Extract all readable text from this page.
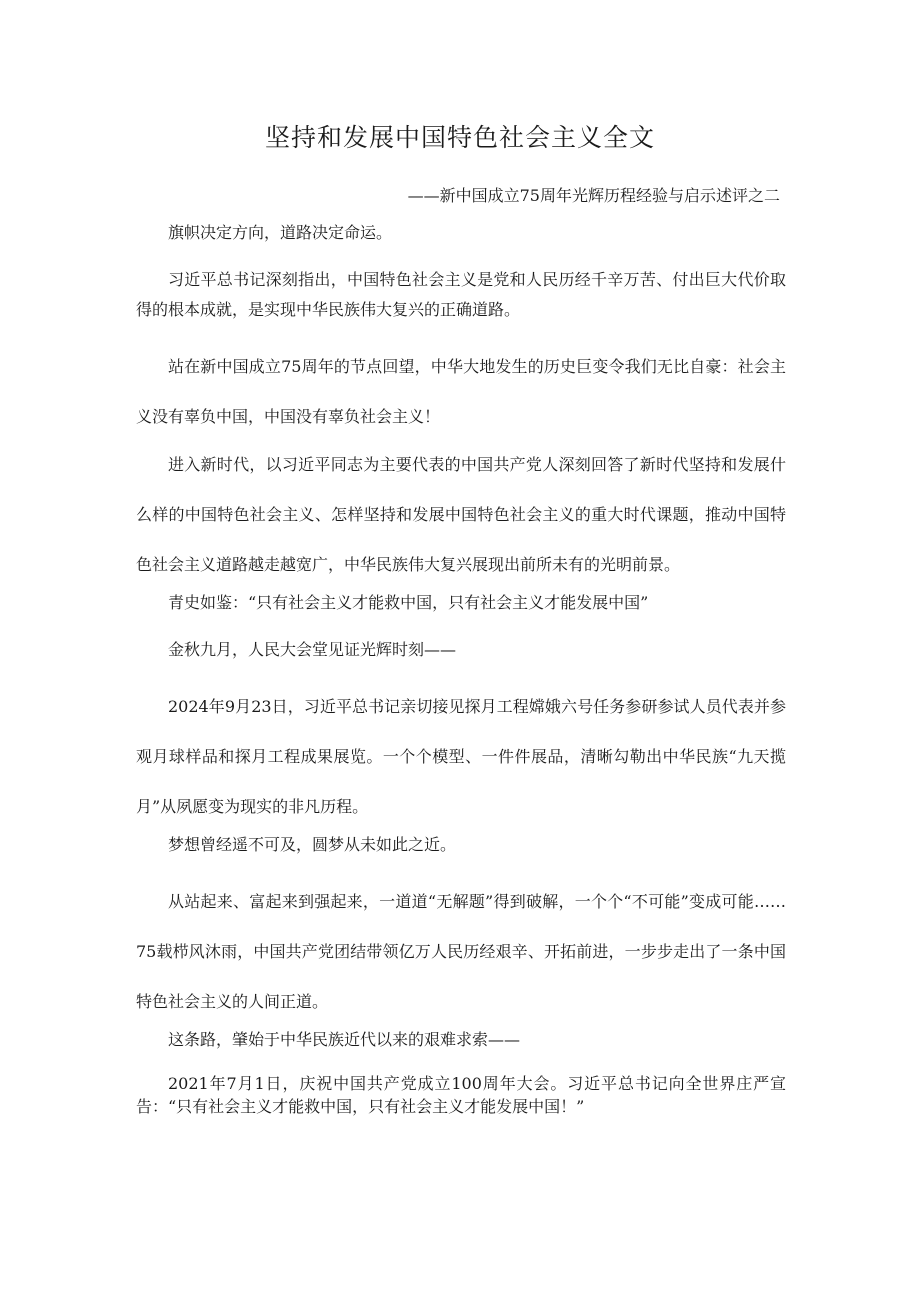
坚持和发展中国特色社会主义全文

——新中国成立75周年光辉历程经验与启示述评之二

旗帜决定方向，道路决定命运。

习近平总书记深刻指出，中国特色社会主义是党和人民历经千辛万苦、付出巨大代价取得的根本成就，是实现中华民族伟大复兴的正确道路。

站在新中国成立75周年的节点回望，中华大地发生的历史巨变令我们无比自豪：社会主义没有辜负中国，中国没有辜负社会主义！

进入新时代，以习近平同志为主要代表的中国共产党人深刻回答了新时代坚持和发展什么样的中国特色社会主义、怎样坚持和发展中国特色社会主义的重大时代课题，推动中国特色社会主义道路越走越宽广，中华民族伟大复兴展现出前所未有的光明前景。

青史如鉴：“只有社会主义才能救中国，只有社会主义才能发展中国”

金秋九月，人民大会堂见证光辉时刻——

2024年9月23日，习近平总书记亲切接见探月工程嫦娥六号任务参研参试人员代表并参观月球样品和探月工程成果展览。一个个模型、一件件展品，清晰勾勒出中华民族“九天揽月”从夙愿变为现实的非凡历程。

梦想曾经遥不可及，圆梦从未如此之近。

从站起来、富起来到强起来，一道道“无解题”得到破解，一个个“不可能”变成可能……75载栉风沐雨，中国共产党团结带领亿万人民历经艰辛、开拓前进，一步步走出了一条中国特色社会主义的人间正道。

这条路，肇始于中华民族近代以来的艰难求索——

2021年7月1日，庆祝中国共产党成立100周年大会。习近平总书记向全世界庄严宣告：“只有社会主义才能救中国，只有社会主义才能发展中国！”
